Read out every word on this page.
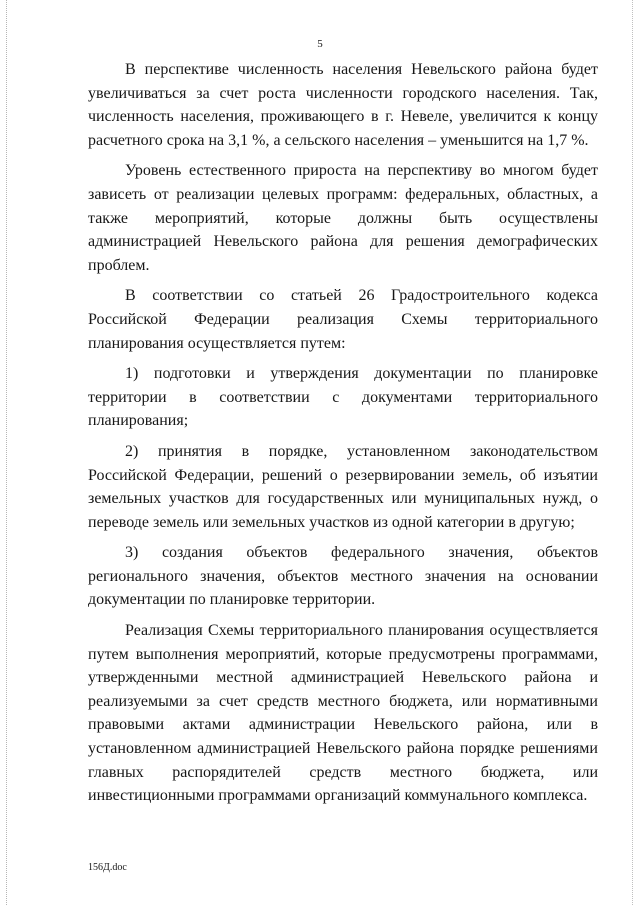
5

В перспективе численность населения Невельского района будет увеличиваться за счет роста численности городского населения. Так, численность населения, проживающего в г. Невеле, увеличится к концу расчетного срока на 3,1 %, а сельского населения – уменьшится на 1,7 %.

Уровень естественного прироста на перспективу во многом будет зависеть от реализации целевых программ: федеральных, областных, а также мероприятий, которые должны быть осуществлены администрацией Невельского района для решения демографических проблем.

В соответствии со статьей 26 Градостроительного кодекса Российской Федерации реализация Схемы территориального планирования осуществляется путем:

1) подготовки и утверждения документации по планировке территории в соответствии с документами территориального планирования;

2) принятия в порядке, установленном законодательством Российской Федерации, решений о резервировании земель, об изъятии земельных участков для государственных или муниципальных нужд, о переводе земель или земельных участков из одной категории в другую;

3) создания объектов федерального значения, объектов регионального значения, объектов местного значения на основании документации по планировке территории.

Реализация Схемы территориального планирования осуществляется путем выполнения мероприятий, которые предусмотрены программами, утвержденными местной администрацией Невельского района и реализуемыми за счет средств местного бюджета, или нормативными правовыми актами администрации Невельского района, или в установленном администрацией Невельского района порядке решениями главных распорядителей средств местного бюджета, или инвестиционными программами организаций коммунального комплекса.

156Д.doc
